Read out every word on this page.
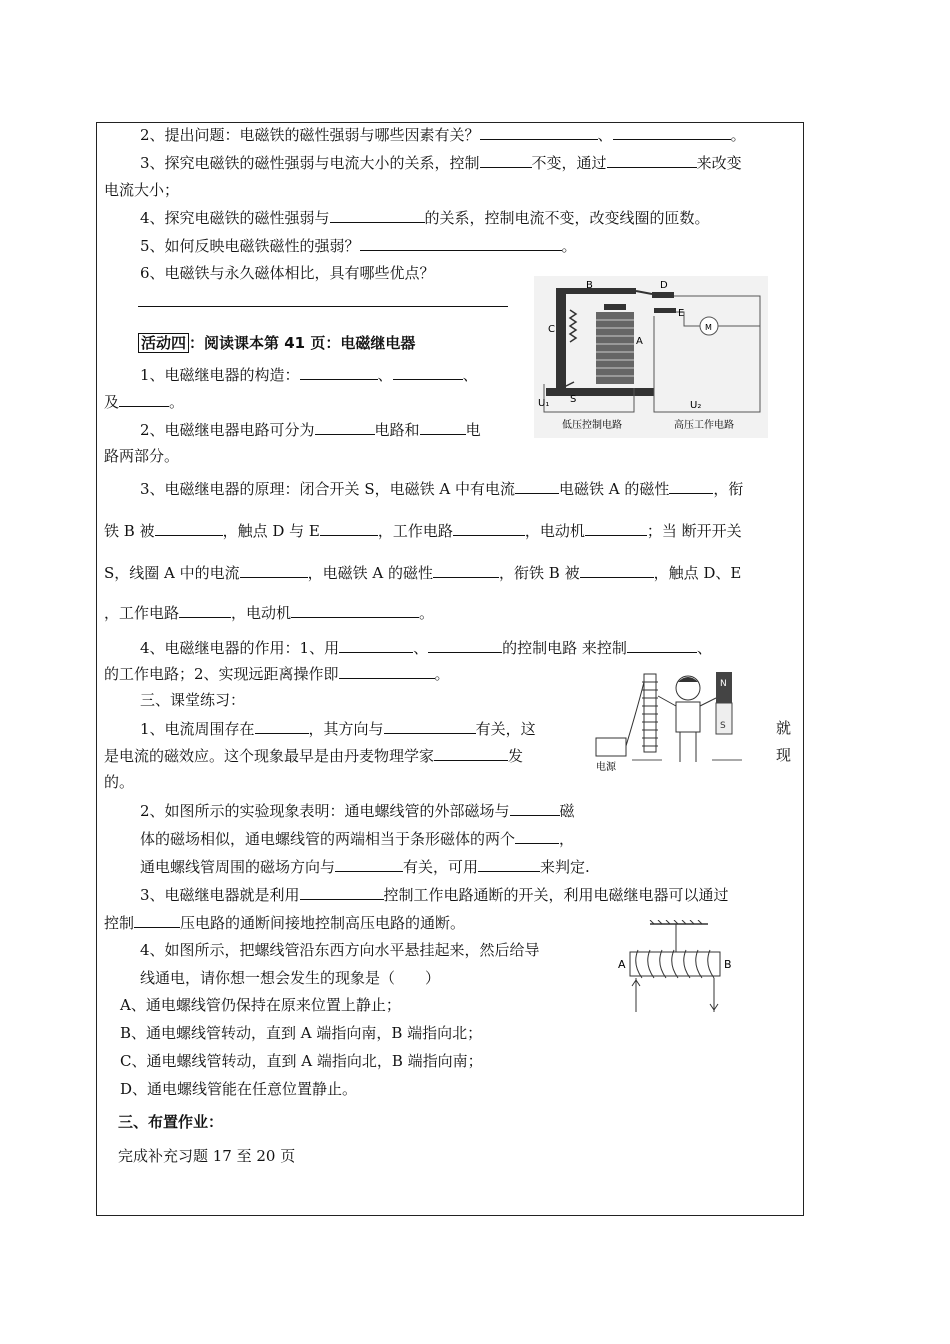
2、提出问题：电磁铁的磁性强弱与哪些因素有关？	、	。
3、探究电磁铁的磁性强弱与电流大小的关系，控制	不变，通过	来改变
电流大小；
4、探究电磁铁的磁性强弱与	的关系，控制电流不变，改变线圈的匝数。
5、如何反映电磁铁磁性的强弱？	。
6、电磁铁与永久磁体相比，具有哪些优点？
活动四 ：阅读课本第 41 页：电磁继电器
1、电磁继电器的构造：	、	、
及	。
2、电磁继电器电路可分为	电路和	电
路两部分。
B	D
C
E
A
M
S
U₁	U₂
低压控制电路	高压工作电路
3、电磁继电器的原理：闭合开关 S，电磁铁 A 中有电流	电磁铁 A 的磁性	，衔
铁 B 被	，触点 D 与 E	，工作电路	，电动机	；当 断开开关
S，线圈 A 中的电流	，电磁铁 A 的磁性	，衔铁 B 被	，触点 D、E
，工作电路	，电动机	。
4、电磁继电器的作用：1、用	、	的控制电路 来控制	、
的工作电路；2、实现远距离操作即	。
三、课堂练习：
1、电流周围存在	，其方向与	有关，这	就
是电流的磁效应。这个现象最早是由丹麦物理学家	发	现
的。
N
S
电源
2、如图所示的实验现象表明：通电螺线管的外部磁场与	磁
体的磁场相似，通电螺线管的两端相当于条形磁体的两个	，
通电螺线管周围的磁场方向与	有关，可用	来判定.
3、电磁继电器就是利用	控制工作电路通断的开关，利用电磁继电器可以通过
控制	压电路的通断间接地控制高压电路的通断。
4、如图所示，把螺线管沿东西方向水平悬挂起来，然后给导
线通电，请你想一想会发生的现象是（　　）
A	B
A、通电螺线管仍保持在原来位置上静止；
B、通电螺线管转动，直到 A 端指向南，B 端指向北；
C、通电螺线管转动，直到 A 端指向北，B 端指向南；
D、通电螺线管能在任意位置静止。
三、布置作业：
完成补充习题 17 至 20 页
